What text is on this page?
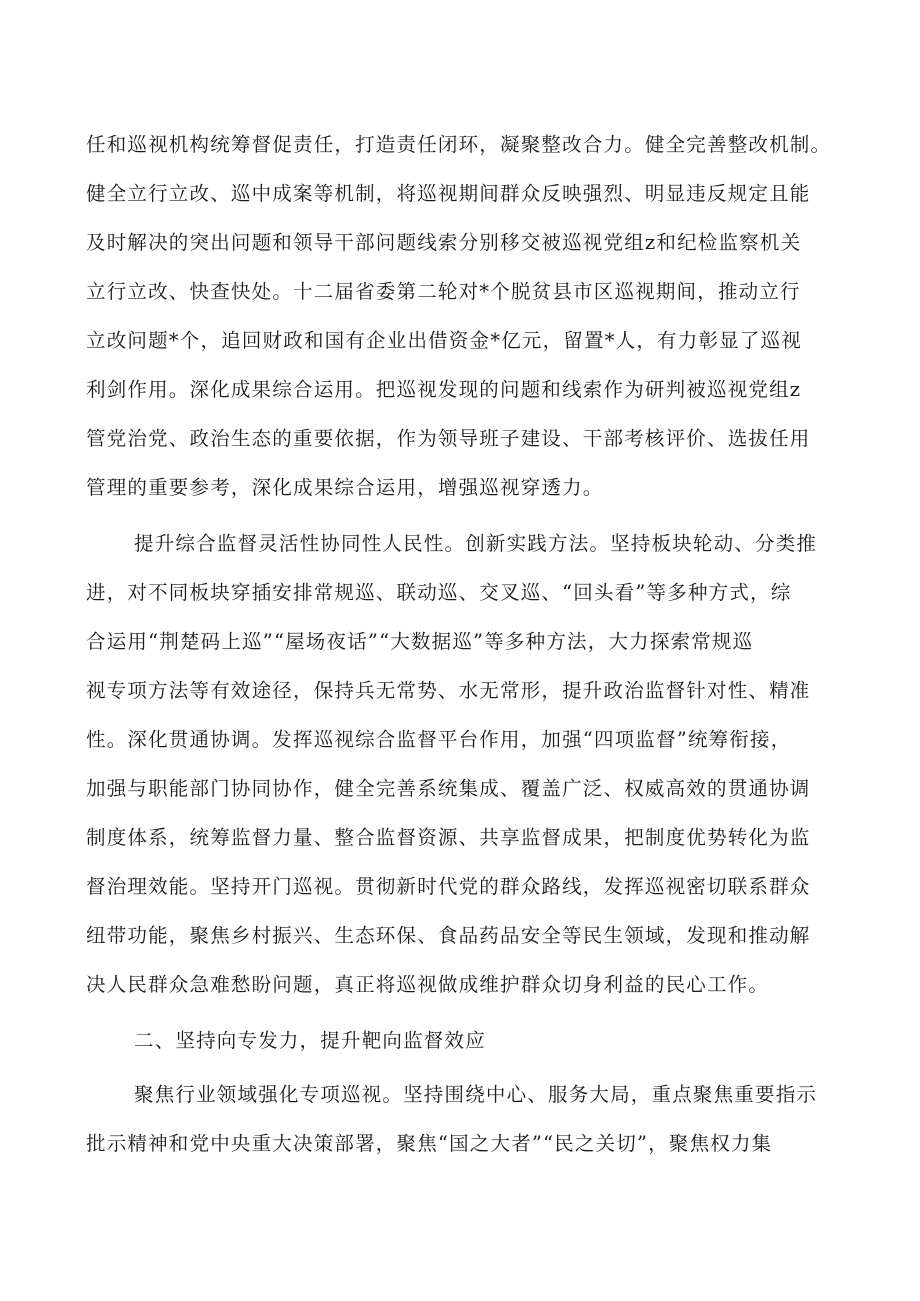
任和巡视机构统筹督促责任，打造责任闭环，凝聚整改合力。健全完善整改机制。
健全立行立改、巡中成案等机制，将巡视期间群众反映强烈、明显违反规定且能
及时解决的突出问题和领导干部问题线索分别移交被巡视党组z和纪检监察机关
立行立改、快查快处。十二届省委第二轮对*个脱贫县市区巡视期间，推动立行
立改问题*个，追回财政和国有企业出借资金*亿元，留置*人，有力彰显了巡视
利剑作用。深化成果综合运用。把巡视发现的问题和线索作为研判被巡视党组z
管党治党、政治生态的重要依据，作为领导班子建设、干部考核评价、选拔任用
管理的重要参考，深化成果综合运用，增强巡视穿透力。
提升综合监督灵活性协同性人民性。创新实践方法。坚持板块轮动、分类推
进，对不同板块穿插安排常规巡、联动巡、交叉巡、“回头看”等多种方式，综
合运用“荆楚码上巡”“屋场夜话”“大数据巡”等多种方法，大力探索常规巡
视专项方法等有效途径，保持兵无常势、水无常形，提升政治监督针对性、精准
性。深化贯通协调。发挥巡视综合监督平台作用，加强“四项监督”统筹衔接，
加强与职能部门协同协作，健全完善系统集成、覆盖广泛、权威高效的贯通协调
制度体系，统筹监督力量、整合监督资源、共享监督成果，把制度优势转化为监
督治理效能。坚持开门巡视。贯彻新时代党的群众路线，发挥巡视密切联系群众
纽带功能，聚焦乡村振兴、生态环保、食品药品安全等民生领域，发现和推动解
决人民群众急难愁盼问题，真正将巡视做成维护群众切身利益的民心工作。
二、坚持向专发力，提升靶向监督效应
聚焦行业领域强化专项巡视。坚持围绕中心、服务大局，重点聚焦重要指示
批示精神和党中央重大决策部署，聚焦“国之大者”“民之关切”，聚焦权力集
